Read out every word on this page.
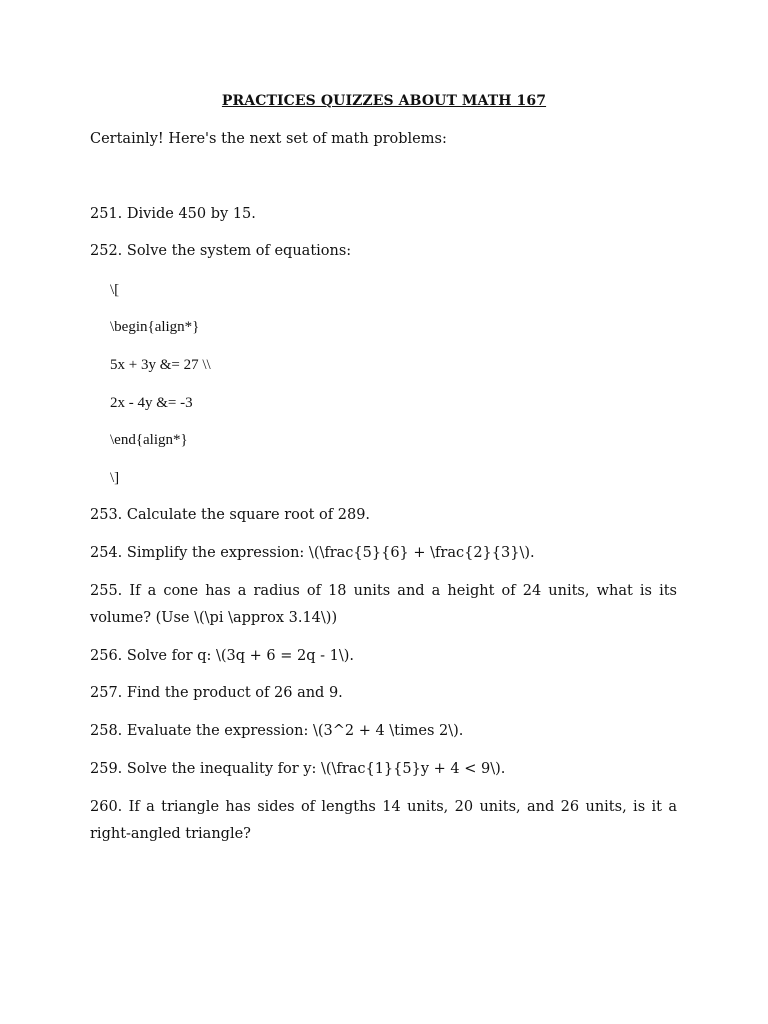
PRACTICES QUIZZES ABOUT MATH 167
Certainly! Here's the next set of math problems:
251. Divide 450 by 15.
252. Solve the system of equations:
\[
\begin{align*}
5x + 3y &= 27 \\
2x - 4y &= -3
\end{align*}
\]
253. Calculate the square root of 289.
254. Simplify the expression: \(\frac{5}{6} + \frac{2}{3}\).
255. If a cone has a radius of 18 units and a height of 24 units, what is its volume? (Use \(\pi \approx 3.14\))
256. Solve for q: \(3q + 6 = 2q - 1\).
257. Find the product of 26 and 9.
258. Evaluate the expression: \(3^2 + 4 \times 2\).
259. Solve the inequality for y: \(\frac{1}{5}y + 4 < 9\).
260. If a triangle has sides of lengths 14 units, 20 units, and 26 units, is it a right-angled triangle?
